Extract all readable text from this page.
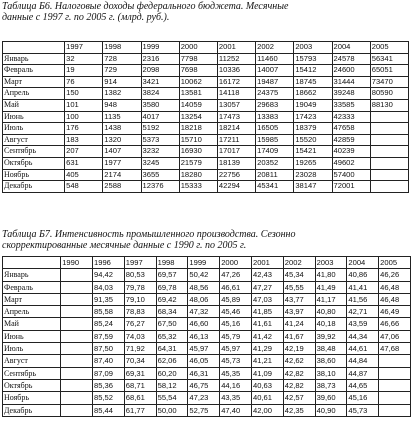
Таблица Б6. Налоговые доходы федерального бюджета. Месячные
данные с 1997 г. по 2005 г. (млрд. руб.).
	1997	1998	1999	2000	2001	2002	2003	2004	2005
Январь	32	728	2316	7798	11252	11460	15793	24578	56341
Февраль	19	729	2098	7698	10336	14007	15412	24600	65051
Март	76	914	3421	10062	16172	19487	18745	31444	73470
Апрель	150	1382	3824	13581	14118	24375	18662	39248	80590
Май	101	948	3580	14059	13057	29683	19049	33585	88130
Июнь	100	1135	4017	13254	17473	13383	17423	42333	
Июль	176	1438	5192	18218	18214	16505	18379	47658	
Август	183	1320	5373	15710	17211	15985	15520	42859	
Сентябрь	207	1407	3232	16930	17017	17409	15421	40239	
Октябрь	631	1977	3245	21579	18139	20352	19265	49602	
Ноябрь	405	2174	3655	18280	22756	20811	23028	57400	
Декабрь	548	2588	12376	15333	42294	45341	38147	72001	
Таблица Б7. Интенсивность промышленного производства. Сезонно
скорректированные месячные данные с 1990 г. по 2005 г.
	1990	1996	1997	1998	1999	2000	2001	2002	2003	2004	2005
Январь		94,42	80,53	69,57	50,42	47,26	42,43	45,34	41,80	40,86	46,26
Февраль		84,03	79,78	69,78	48,56	46,61	47,27	45,55	41,49	41,41	46,48
Март		91,35	79,10	69,42	48,06	45,89	47,03	43,77	41,17	41,56	46,48
Апрель		85,58	78,83	68,34	47,32	45,46	41,85	43,97	40,80	42,71	46,49
Май		85,24	76,27	67,50	46,60	45,16	41,61	41,24	40,18	43,59	46,66
Июнь		87,59	74,03	65,32	46,13	45,79	41,42	41,67	39,92	44,34	47,06
Июль		87,50	71,92	64,31	45,97	45,97	41,29	42,19	38,48	44,61	47,68
Август		87,40	70,34	62,06	46,05	45,73	41,21	42,62	38,60	44,84	
Сентябрь		87,09	69,31	60,20	46,31	45,35	41,09	42,82	38,10	44,87	
Октябрь		85,36	68,71	58,12	46,75	44,16	40,63	42,82	38,73	44,65	
Ноябрь		85,52	68,61	55,54	47,23	43,35	40,61	42,57	39,60	45,16	
Декабрь		85,44	61,77	50,00	52,75	47,40	42,00	42,35	40,90	45,73	
